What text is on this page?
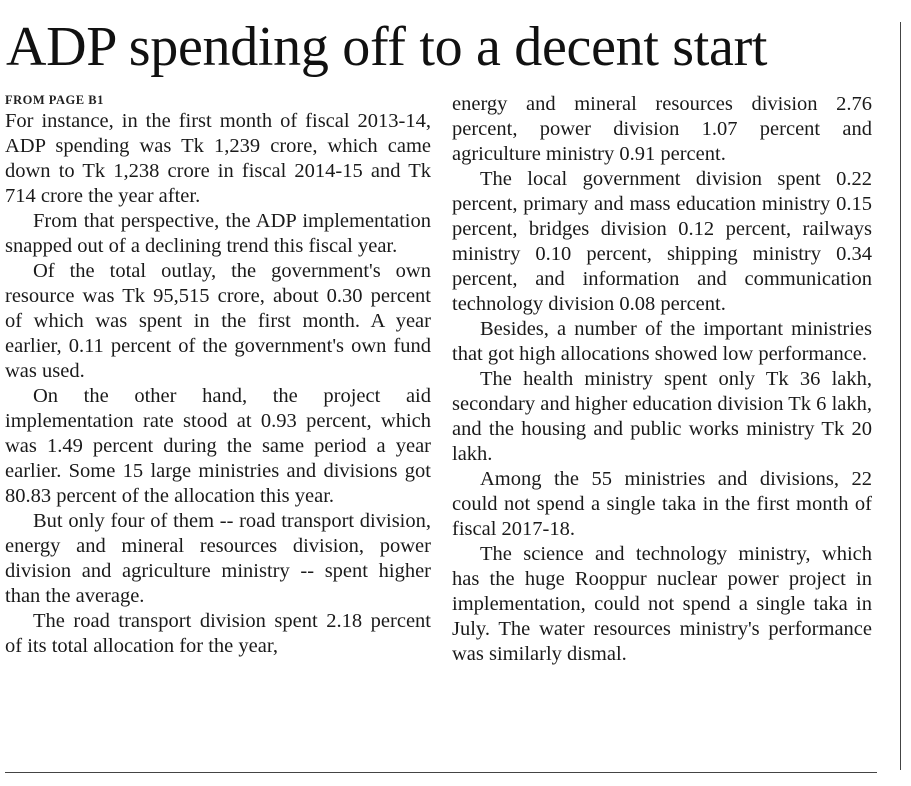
ADP spending off to a decent start
FROM PAGE B1

For instance, in the first month of fiscal 2013-14, ADP spending was Tk 1,239 crore, which came down to Tk 1,238 crore in fiscal 2014-15 and Tk 714 crore the year after.

From that perspective, the ADP implementation snapped out of a declining trend this fiscal year.

Of the total outlay, the government's own resource was Tk 95,515 crore, about 0.30 percent of which was spent in the first month. A year earlier, 0.11 percent of the government's own fund was used.

On the other hand, the project aid implementation rate stood at 0.93 percent, which was 1.49 percent during the same period a year earlier. Some 15 large ministries and divisions got 80.83 percent of the allocation this year.

But only four of them -- road transport division, energy and mineral resources division, power division and agriculture ministry -- spent higher than the average.

The road transport division spent 2.18 percent of its total allocation for the year,

energy and mineral resources division 2.76 percent, power division 1.07 percent and agriculture ministry 0.91 percent.

The local government division spent 0.22 percent, primary and mass education ministry 0.15 percent, bridges division 0.12 percent, railways ministry 0.10 percent, shipping ministry 0.34 percent, and information and communication technology division 0.08 percent.

Besides, a number of the important ministries that got high allocations showed low performance.

The health ministry spent only Tk 36 lakh, secondary and higher education division Tk 6 lakh, and the housing and public works ministry Tk 20 lakh.

Among the 55 ministries and divisions, 22 could not spend a single taka in the first month of fiscal 2017-18.

The science and technology ministry, which has the huge Rooppur nuclear power project in implementation, could not spend a single taka in July. The water resources ministry's performance was similarly dismal.
